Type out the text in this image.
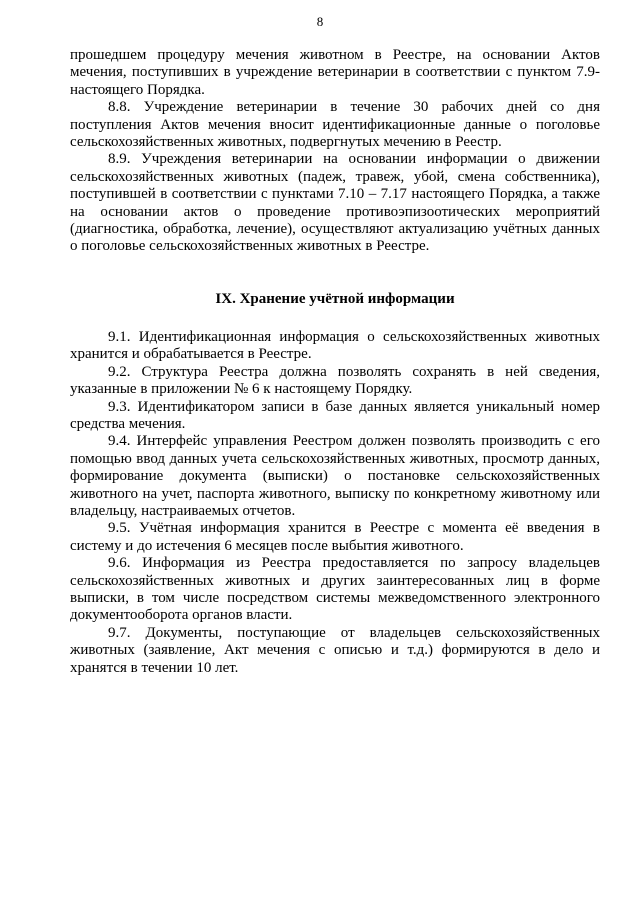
8

прошедшем процедуру мечения животном в Реестре, на основании Актов мечения, поступивших в учреждение ветеринарии в соответствии с пунктом 7.9-настоящего Порядка.

8.8. Учреждение ветеринарии в течение 30 рабочих дней со дня поступления Актов мечения вносит идентификационные данные о поголовье сельскохозяйственных животных, подвергнутых мечению в Реестр.

8.9. Учреждения ветеринарии на основании информации о движении сельскохозяйственных животных (падеж, травеж, убой, смена собственника), поступившей в соответствии с пунктами 7.10 – 7.17 настоящего Порядка, а также на основании актов о проведение противоэпизоотических мероприятий (диагностика, обработка, лечение), осуществляют актуализацию учётных данных о поголовье сельскохозяйственных животных в Реестре.

IX. Хранение учётной информации

9.1. Идентификационная информация о сельскохозяйственных животных хранится и обрабатывается в Реестре.

9.2. Структура Реестра должна позволять сохранять в ней сведения, указанные в приложении № 6 к настоящему Порядку.

9.3. Идентификатором записи в базе данных является уникальный номер средства мечения.

9.4. Интерфейс управления Реестром должен позволять производить с его помощью ввод данных учета сельскохозяйственных животных, просмотр данных, формирование документа (выписки) о постановке сельскохозяйственных животного на учет, паспорта животного, выписку по конкретному животному или владельцу, настраиваемых отчетов.

9.5. Учётная информация хранится в Реестре с момента её введения в систему и до истечения 6 месяцев после выбытия животного.

9.6. Информация из Реестра предоставляется по запросу владельцев сельскохозяйственных животных и других заинтересованных лиц в форме выписки, в том числе посредством системы межведомственного электронного документооборота органов власти.

9.7. Документы, поступающие от владельцев сельскохозяйственных животных (заявление, Акт мечения с описью и т.д.) формируются в дело и хранятся в течении 10 лет.
